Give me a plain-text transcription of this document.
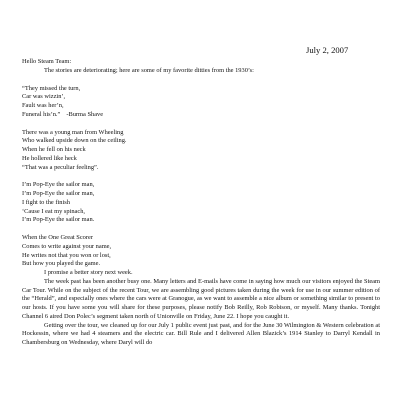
July 2, 2007

Hello Steam Team:

The stories are deteriorating; here are some of my favorite ditties from the 1930’s:

“They missed the turn,
Car was wizzin’,
Fault was her’n,
Funeral his’n.” -Burma Shave
There was a young man from Wheeling
Who walked upside down on the ceiling.
When he fell on his neck
He hollered like heck
“That was a peculiar feeling”.
I’m Pop-Eye the sailor man,
I’m Pop-Eye the sailor man,
I fight to the finish
‘Cause I eat my spinach,
I’m Pop-Eye the sailor man.
When the One Great Scorer
Comes to write against your name,
He writes not that you won or lost,
But how you played the game.

I promise a better story next week.

The week past has been another busy one. Many letters and E-mails have come in saying how much our visitors enjoyed the Steam Car Tour. While on the subject of the recent Tour, we are assembling good pictures taken during the week for use in our summer edition of the “Herald”, and especially ones where the cars were at Granogue, as we want to assemble a nice album or something similar to present to our hosts. If you have some you will share for these purposes, please notify Bob Reilly, Rob Robison, or myself. Many thanks. Tonight Channel 6 aired Don Polec’s segment taken north of Unionville on Friday, June 22. I hope you caught it.

Getting over the tour, we cleaned up for our July 1 public event just past, and for the June 30 Wilmington & Western celebration at Hockessin, where we had 4 steamers and the electric car. Bill Rule and I delivered Allen Blazick’s 1914 Stanley to Darryl Kendall in Chambersburg on Wednesday, where Daryl will do
